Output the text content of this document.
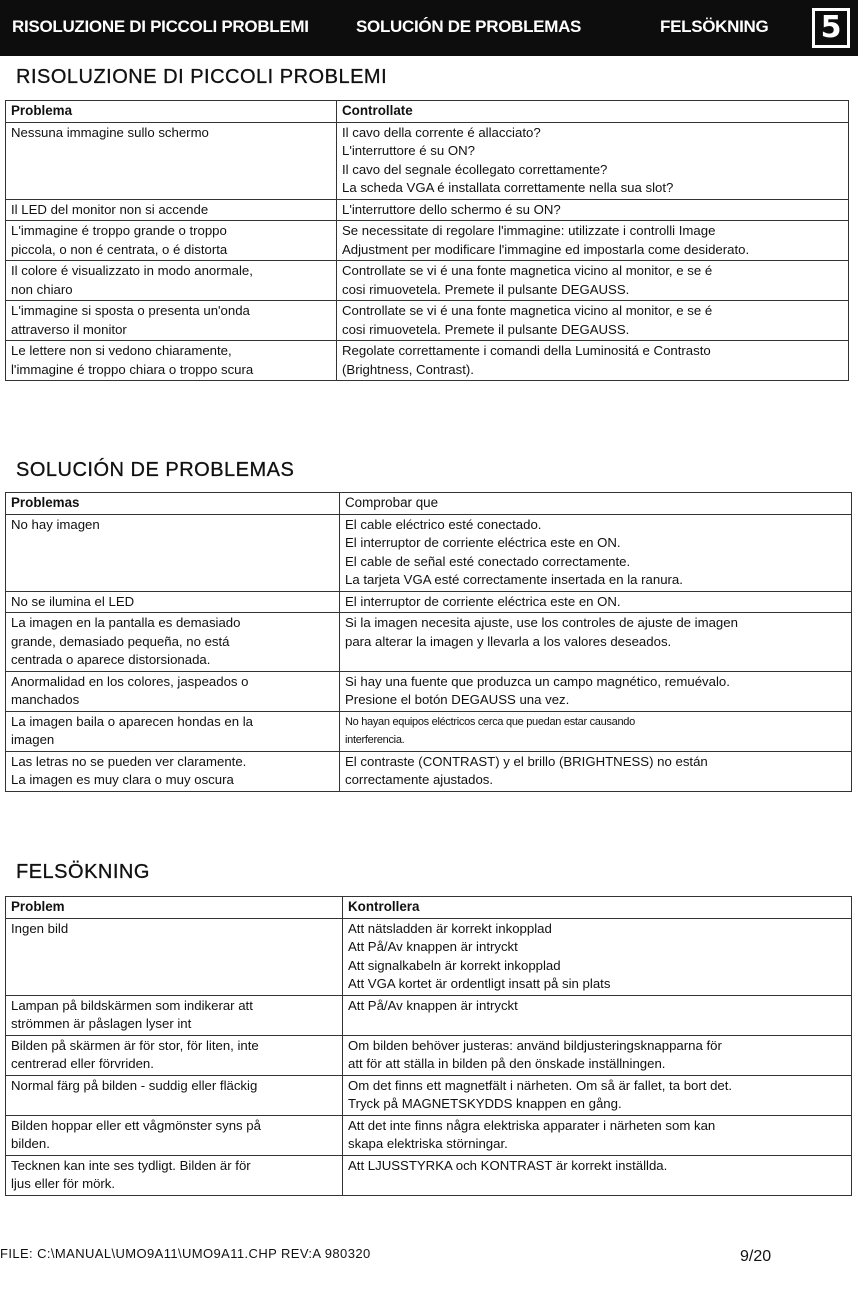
RISOLUZIONE DI PICCOLI PROBLEMI	SOLUCIÓN DE PROBLEMAS	FELSÖKNING 5
RISOLUZIONE DI PICCOLI PROBLEMI
Problema	Controllate

Nessuna immagine sullo schermo	Il cavo della corrente é allacciato?
L'interruttore é su ON?
Il cavo del segnale écollegato correttamente?
La scheda VGA é installata correttamente nella sua slot?

Il LED del monitor non si accende	L'interruttore dello schermo é su ON?

L'immagine é troppo grande o troppo
piccola, o non é centrata, o é distorta	Se necessitate di regolare l'immagine: utilizzate i controlli Image
Adjustment per modificare l'immagine ed impostarla come desiderato.

Il colore é visualizzato in modo anormale,
non chiaro	Controllate se vi é una fonte magnetica vicino al monitor, e se é
cosi rimuovetela. Premete il pulsante DEGAUSS.

L'immagine si sposta o presenta un'onda
attraverso il monitor	Controllate se vi é una fonte magnetica vicino al monitor, e se é
cosi rimuovetela. Premete il pulsante DEGAUSS.

Le lettere non si vedono chiaramente,
l'immagine é troppo chiara o troppo scura	Regolate correttamente i comandi della Luminositá e Contrasto
(Brightness, Contrast).
SOLUCIÓN DE PROBLEMAS
Problemas	Comprobar que

No hay imagen	El cable eléctrico esté conectado.
El interruptor de corriente eléctrica este en ON.
El cable de señal esté conectado correctamente.
La tarjeta VGA esté correctamente insertada en la ranura.

No se ilumina el LED	El interruptor de corriente eléctrica este en ON.

La imagen en la pantalla es demasiado
grande, demasiado pequeña, no está
centrada o aparece distorsionada.	Si la imagen necesita ajuste, use los controles de ajuste de imagen
para alterar la imagen y llevarla a los valores deseados.

Anormalidad en los colores, jaspeados o
manchados	Si hay una fuente que produzca un campo magnético, remuévalo.
Presione el botón DEGAUSS una vez.

La imagen baila o aparecen hondas en la
imagen	No hayan equipos eléctricos cerca que puedan estar causando
interferencia.

Las letras no se pueden ver claramente.
La imagen es muy clara o muy oscura	El contraste (CONTRAST) y el brillo (BRIGHTNESS) no están
correctamente ajustados.
FELSÖKNING
Problem	Kontrollera

Ingen bild	Att nätsladden är korrekt inkopplad
Att På/Av knappen är intryckt
Att signalkabeln är korrekt inkopplad
Att VGA kortet är ordentligt insatt på sin plats

Lampan på bildskärmen som indikerar att
strömmen är påslagen lyser int	Att På/Av knappen är intryckt

Bilden på skärmen är för stor, för liten, inte
centrerad eller förvriden.	Om bilden behöver justeras: använd bildjusteringsknapparna för
att för att ställa in bilden på den önskade inställningen.

Normal färg på bilden - suddig eller fläckig	Om det finns ett magnetfält i närheten. Om så är fallet, ta bort det.
Tryck på MAGNETSKYDDS knappen en gång.

Bilden hoppar eller ett vågmönster syns på
bilden.	Att det inte finns några elektriska apparater i närheten som kan
skapa elektriska störningar.

Tecknen kan inte ses tydligt. Bilden är för
ljus eller för mörk.	Att LJUSSTYRKA och KONTRAST är korrekt inställda.
FILE: C:\MANUAL\UMO9A11\UMO9A11.CHP REV:A 980320	9/20
